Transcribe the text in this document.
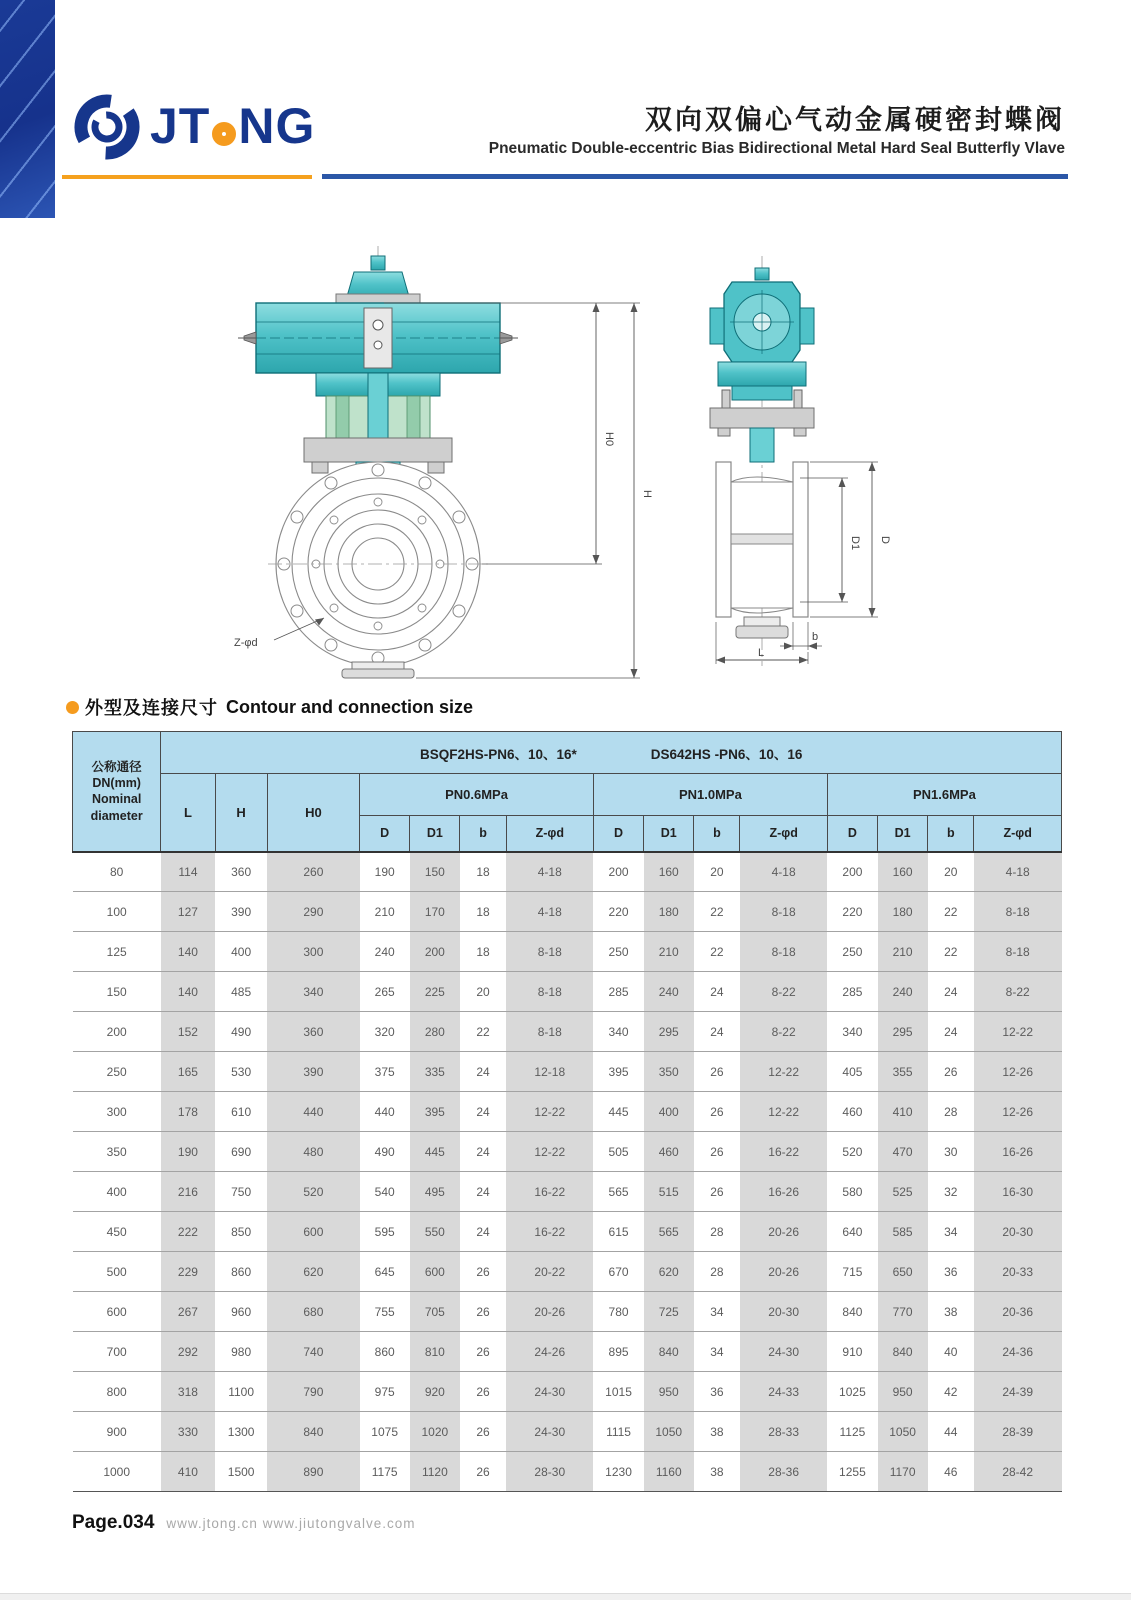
JT NG	双向双偏心气动金属硬密封蝶阀
Pneumatic Double-eccentric Bias Bidirectional Metal Hard Seal Butterfly Vlave
H0
H
Z-φd
D1 D
b
L
外型及连接尺寸 Contour and connection size
公称通径
DN(mm)
Nominal
diameter

BSQF2HS-PN6、10、16*	DS642HS -PN6、10、16

	L	H	H0	PN0.6MPa				PN1.0MPa				PN1.6MPa			
				D	D1	b	Z-φd	D	D1	b	Z-φd	D	D1	b	Z-φd
80	114	360	260	190	150	18	4-18	200	160	20	4-18	200	160	20	4-18
100	127	390	290	210	170	18	4-18	220	180	22	8-18	220	180	22	8-18
125	140	400	300	240	200	18	8-18	250	210	22	8-18	250	210	22	8-18
150	140	485	340	265	225	20	8-18	285	240	24	8-22	285	240	24	8-22
200	152	490	360	320	280	22	8-18	340	295	24	8-22	340	295	24	12-22
250	165	530	390	375	335	24	12-18	395	350	26	12-22	405	355	26	12-26
300	178	610	440	440	395	24	12-22	445	400	26	12-22	460	410	28	12-26
350	190	690	480	490	445	24	12-22	505	460	26	16-22	520	470	30	16-26
400	216	750	520	540	495	24	16-22	565	515	26	16-26	580	525	32	16-30
450	222	850	600	595	550	24	16-22	615	565	28	20-26	640	585	34	20-30
500	229	860	620	645	600	26	20-22	670	620	28	20-26	715	650	36	20-33
600	267	960	680	755	705	26	20-26	780	725	34	20-30	840	770	38	20-36
700	292	980	740	860	810	26	24-26	895	840	34	24-30	910	840	40	24-36
800	318	1100	790	975	920	26	24-30	1015	950	36	24-33	1025	950	42	24-39
900	330	1300	840	1075	1020	26	24-30	1115	1050	38	28-33	1125	1050	44	28-39
1000	410	1500	890	1175	1120	26	28-30	1230	1160	38	28-36	1255	1170	46	28-42
Page.034 www.jtong.cn www.jiutongvalve.com
